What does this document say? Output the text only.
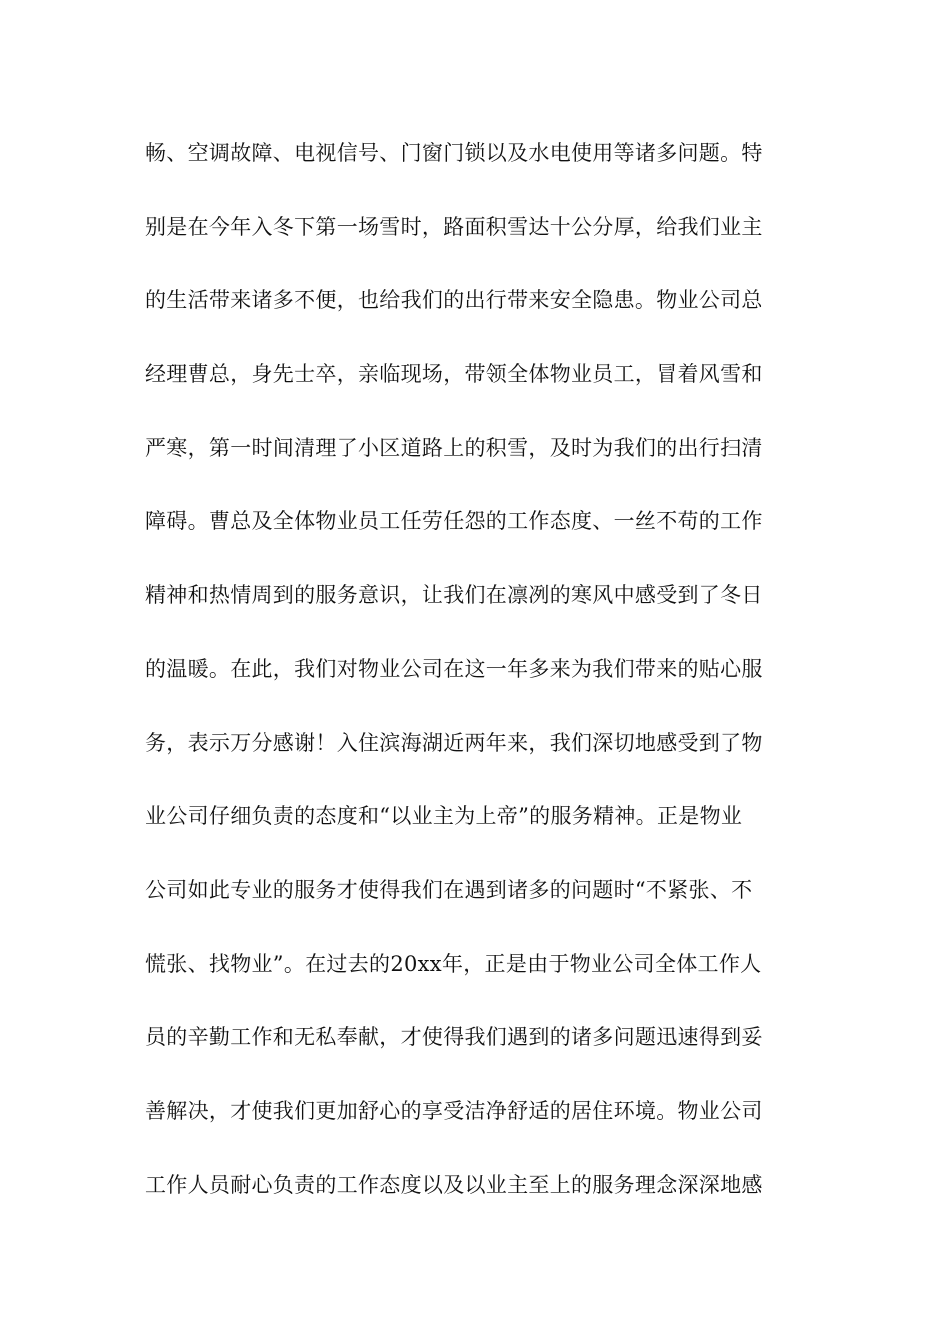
畅、空调故障、电视信号、门窗门锁以及水电使用等诸多问题。特
别是在今年入冬下第一场雪时，路面积雪达十公分厚，给我们业主
的生活带来诸多不便，也给我们的出行带来安全隐患。物业公司总
经理曹总，身先士卒，亲临现场，带领全体物业员工，冒着风雪和
严寒，第一时间清理了小区道路上的积雪，及时为我们的出行扫清
障碍。曹总及全体物业员工任劳任怨的工作态度、一丝不苟的工作
精神和热情周到的服务意识，让我们在凛冽的寒风中感受到了冬日
的温暖。在此，我们对物业公司在这一年多来为我们带来的贴心服
务，表示万分感谢！入住滨海湖近两年来，我们深切地感受到了物
业公司仔细负责的态度和“以业主为上帝”的服务精神。正是物业
公司如此专业的服务才使得我们在遇到诸多的问题时“不紧张、不
慌张、找物业”。在过去的20xx年，正是由于物业公司全体工作人
员的辛勤工作和无私奉献，才使得我们遇到的诸多问题迅速得到妥
善解决，才使我们更加舒心的享受洁净舒适的居住环境。物业公司
工作人员耐心负责的工作态度以及以业主至上的服务理念深深地感
